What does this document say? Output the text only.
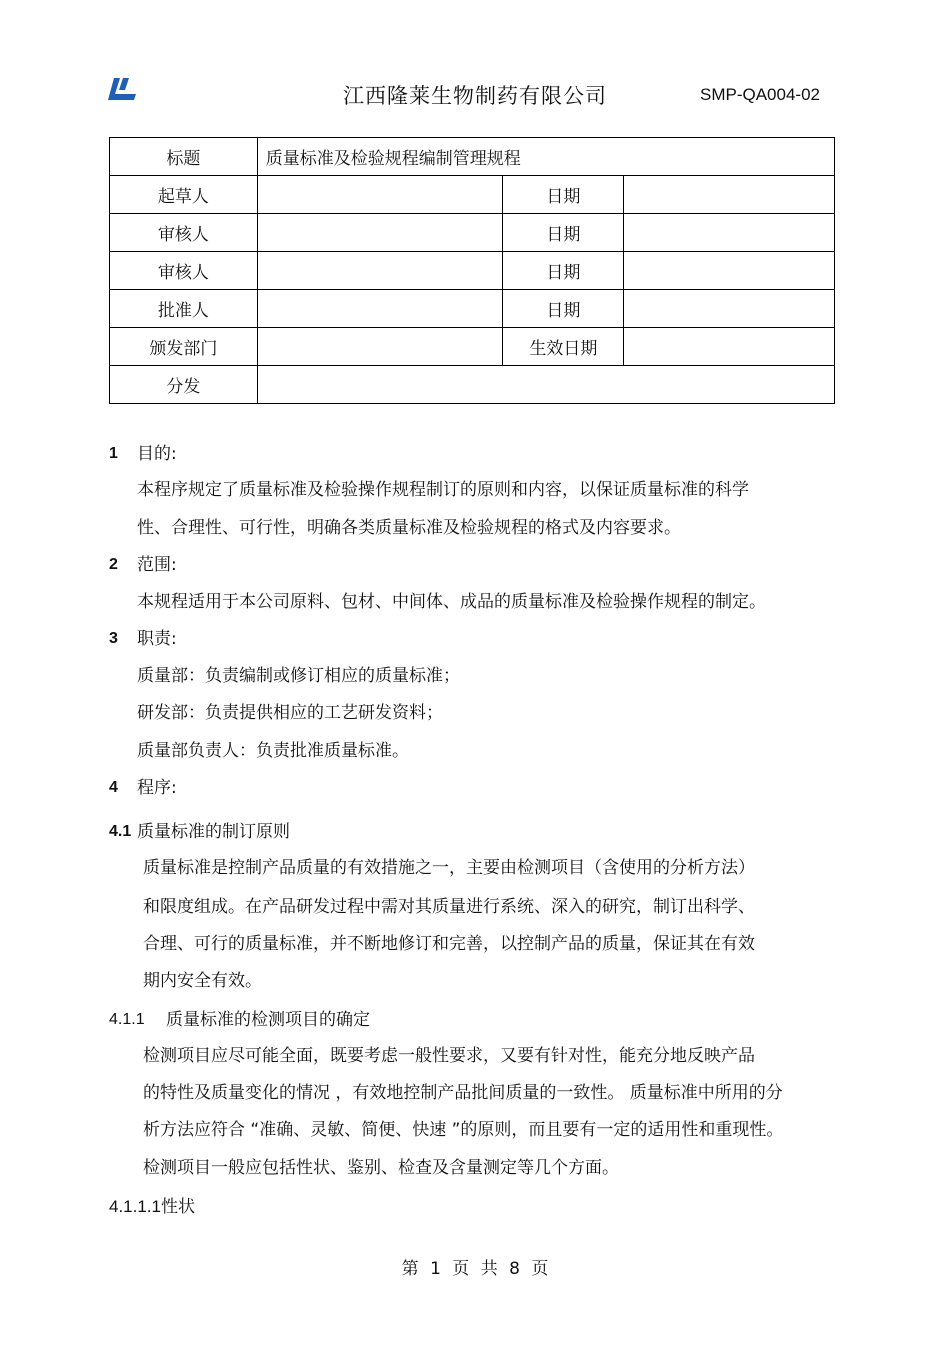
江西隆莱生物制药有限公司	SMP-QA004-02
标题	质量标准及检验规程编制管理规程		
起草人		日期	
审核人		日期	
审核人		日期	
批准人		日期	
颁发部门		生效日期	
分发			
1 目的:
本程序规定了质量标准及检验操作规程制订的原则和内容，以保证质量标准的科学
性、合理性、可行性，明确各类质量标准及检验规程的格式及内容要求。
2 范围:
本规程适用于本公司原料、包材、中间体、成品的质量标准及检验操作规程的制定。
3 职责:
质量部：负责编制或修订相应的质量标准；
研发部：负责提供相应的工艺研发资料；
质量部负责人：负责批准质量标准。
4 程序:
4.1 质量标准的制订原则
质量标准是控制产品质量的有效措施之一，主要由检测项目（含使用的分析方法）
和限度组成。在产品研发过程中需对其质量进行系统、深入的研究，制订出科学、
合理、可行的质量标准，并不断地修订和完善，以控制产品的质量，保证其在有效
期内安全有效。
4.1.1 质量标准的检测项目的确定
检测项目应尽可能全面，既要考虑一般性要求，又要有针对性，能充分地反映产品
的特性及质量变化的情况 ，有效地控制产品批间质量的一致性。 质量标准中所用的分
析方法应符合 “准确、灵敏、简便、快速 ”的原则，而且要有一定的适用性和重现性。
检测项目一般应包括性状、鉴别、检查及含量测定等几个方面。
4.1.1.1性状
第 1 页 共 8 页
